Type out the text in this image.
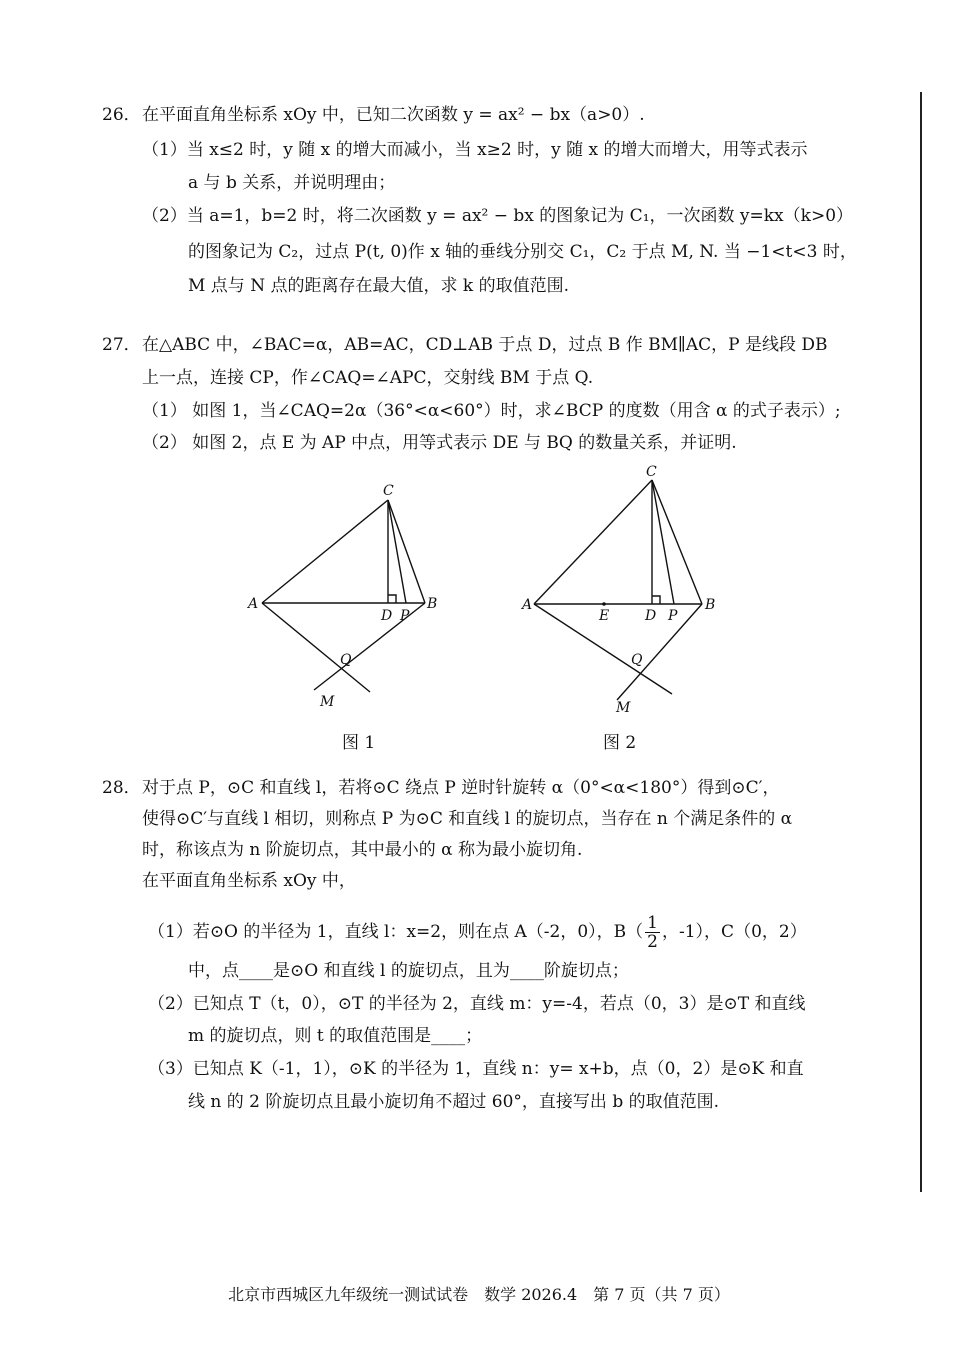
26． 在平面直角坐标系 xOy 中，已知二次函数 y = ax² − bx（a>0）.
（1）当 x≤2 时，y 随 x 的增大而减小，当 x≥2 时，y 随 x 的增大而增大，用等式表示
a 与 b 关系，并说明理由；
（2）当 a=1，b=2 时，将二次函数 y = ax² − bx 的图象记为 C₁，一次函数 y=kx（k>0）
的图象记为 C₂，过点 P(t, 0)作 x 轴的垂线分别交 C₁，C₂ 于点 M, N. 当 −1<t<3 时，
M 点与 N 点的距离存在最大值，求 k 的取值范围.
27． 在△ABC 中，∠BAC=α，AB=AC，CD⊥AB 于点 D，过点 B 作 BM∥AC，P 是线段 DB
上一点，连接 CP，作∠CAQ=∠APC，交射线 BM 于点 Q.
（1） 如图 1，当∠CAQ=2α（36°<α<60°）时，求∠BCP 的度数（用含 α 的式子表示）;
（2） 如图 2，点 E 为 AP 中点，用等式表示 DE 与 BQ 的数量关系，并证明.
C
A	B
D P
Q
M
图 1
C
A	B
E	D P
Q
M
图 2
28． 对于点 P，⊙C 和直线 l，若将⊙C 绕点 P 逆时针旋转 α（0°<α<180°）得到⊙C′，
使得⊙C′与直线 l 相切，则称点 P 为⊙C 和直线 l 的旋切点，当存在 n 个满足条件的 α
时，称该点为 n 阶旋切点，其中最小的 α 称为最小旋切角.
在平面直角坐标系 xOy 中，
（1）若⊙O 的半径为 1，直线 l：x=2，则在点 A（-2，0），$B( \frac{1}{2}$ ，-1），C（0，2）
中，点____是⊙O 和直线 l 的旋切点，且为____阶旋切点；
（2）已知点 T（t，0），⊙T 的半径为 2，直线 m：y=-4，若点（0，3）是⊙T 和直线
m 的旋切点，则 t 的取值范围是____；
（3）已知点 K（-1，1），⊙K 的半径为 1，直线 n：y= x+b，点（0，2）是⊙K 和直
线 n 的 2 阶旋切点且最小旋切角不超过 60°，直接写出 b 的取值范围.
北京市西城区九年级统一测试试卷　数学 2026.4　第 7 页（共 7 页）
